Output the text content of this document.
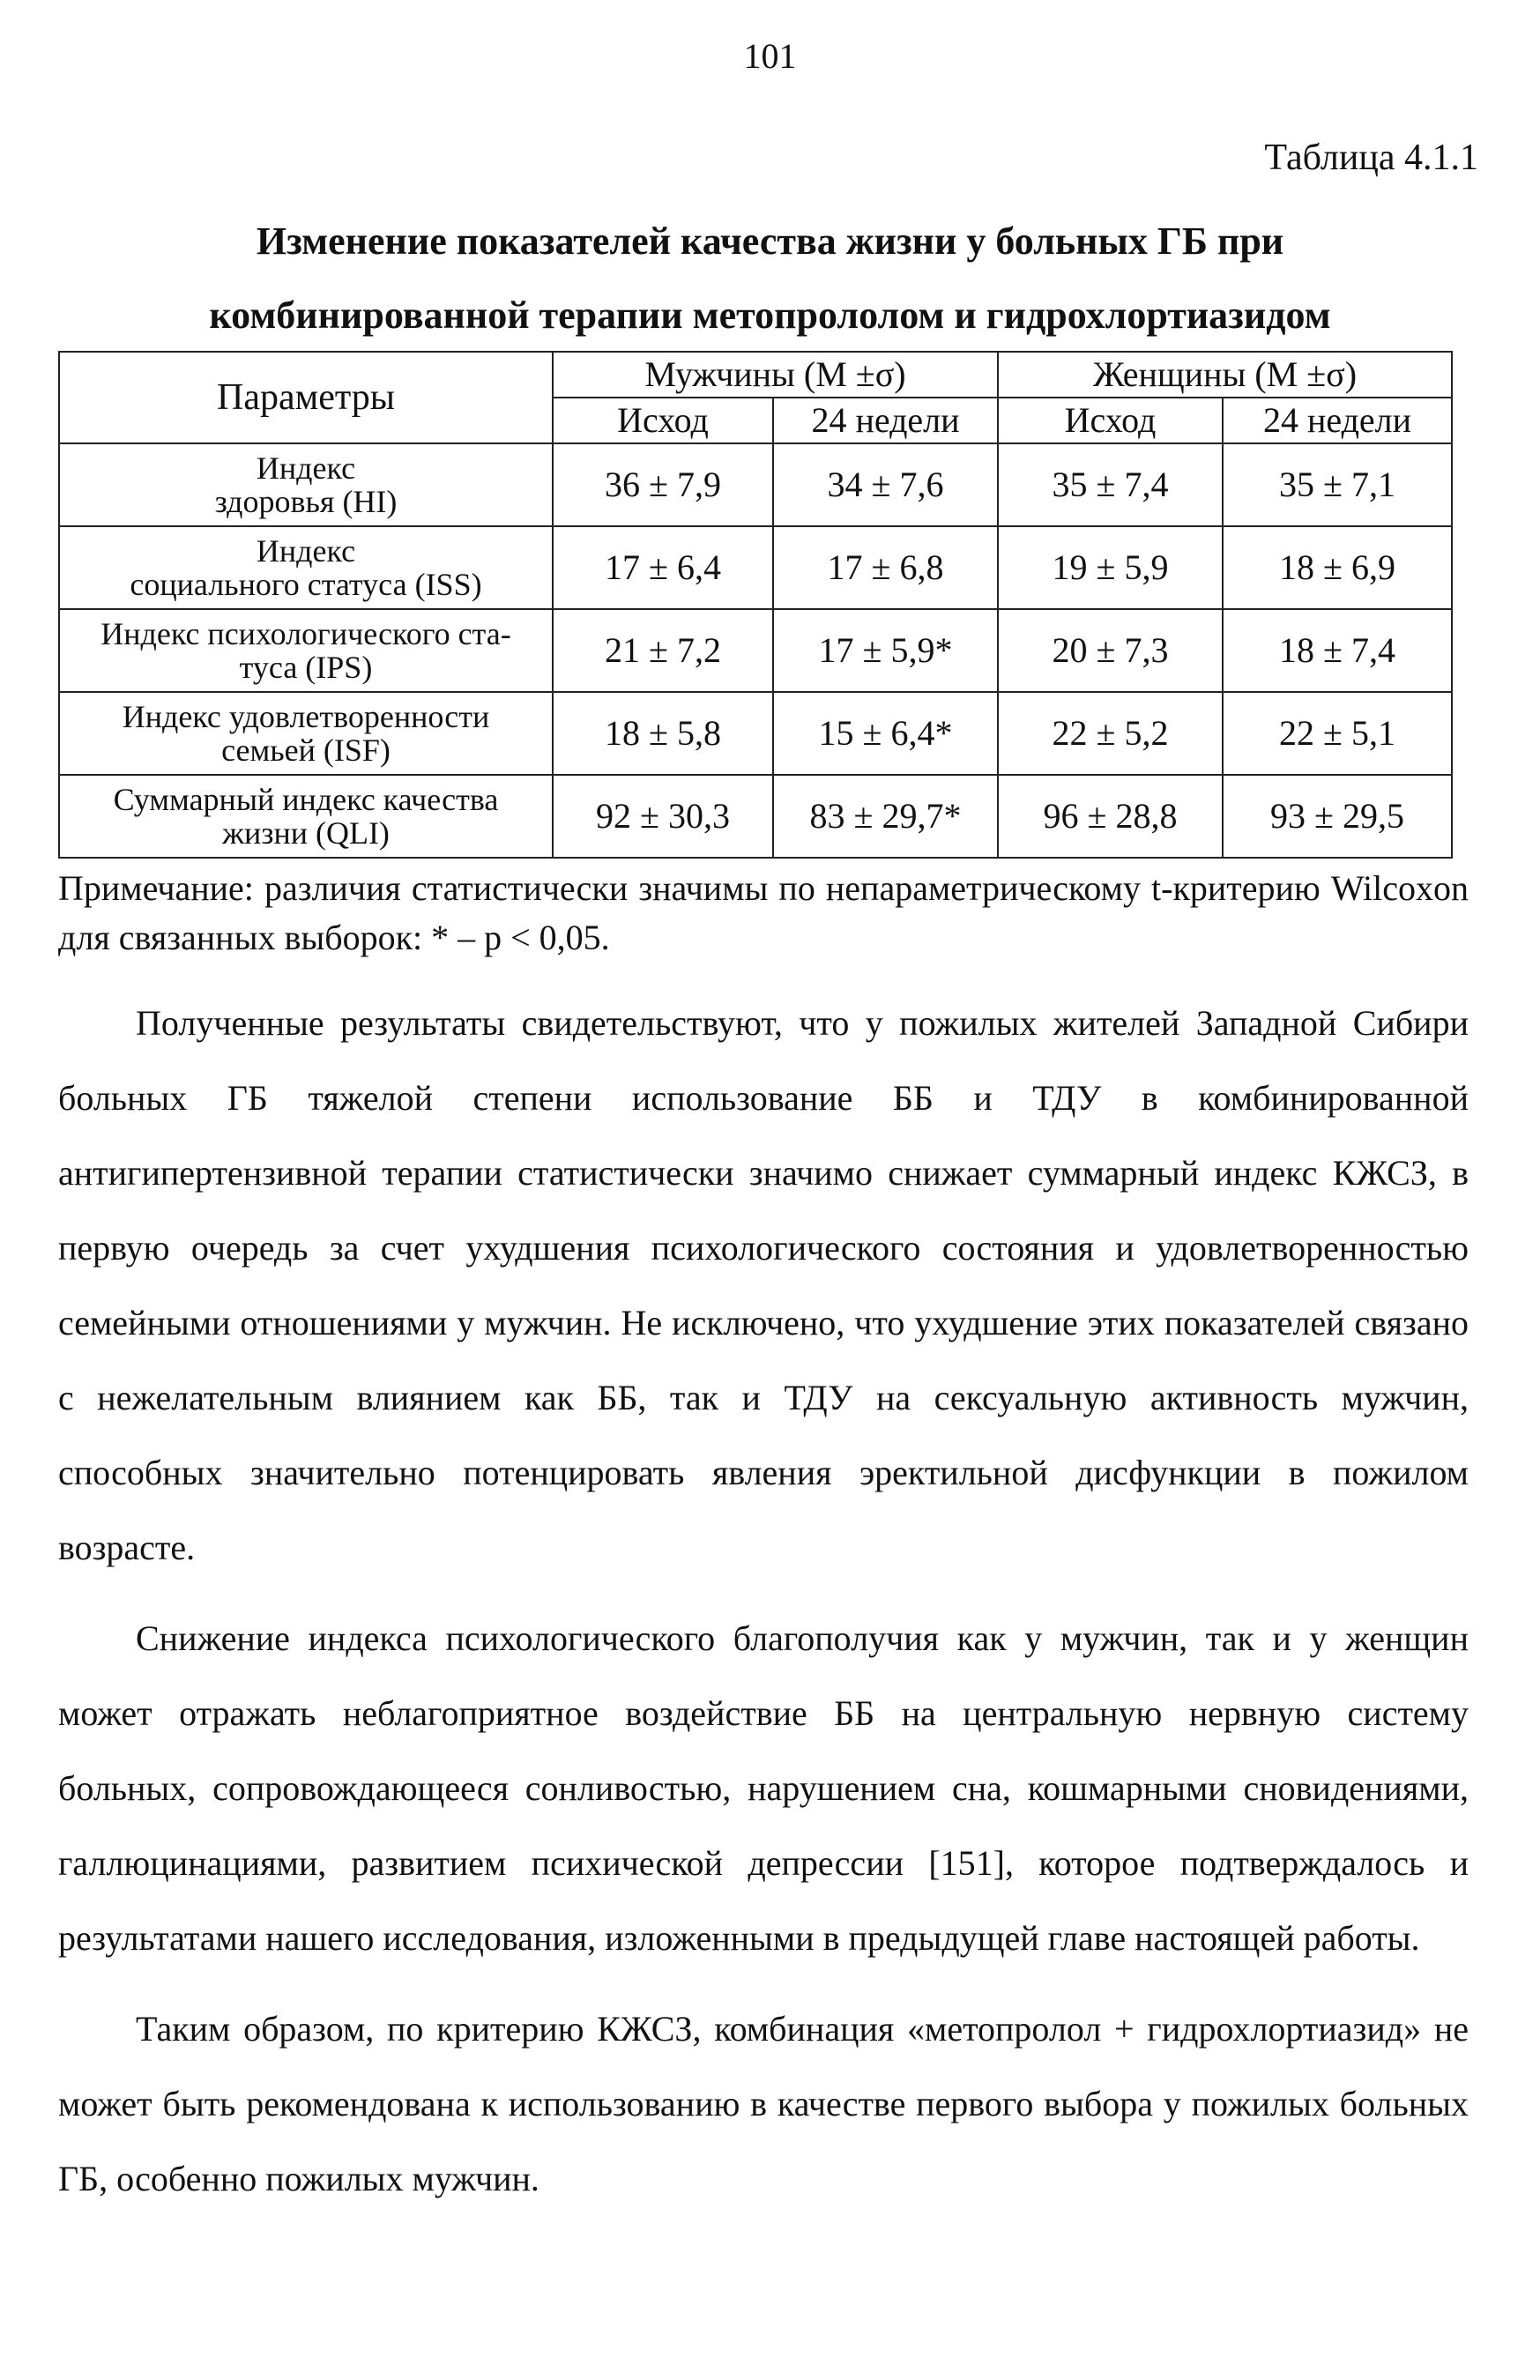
101
Таблица 4.1.1
Изменение показателей качества жизни у больных ГБ при
комбинированной терапии метопрололом и гидрохлортиазидом
Параметры	Мужчины (M ±σ)		Женщины (M ±σ)	
	Исход	24 недели	Исход	24 недели

Индекс
здоровья (HI)	36 ± 7,9	34 ± 7,6	35 ± 7,4	35 ± 7,1

Индекс
социального статуса (ISS)	17 ± 6,4	17 ± 6,8	19 ± 5,9	18 ± 6,9

Индекс психологического ста-
туса (IPS)	21 ± 7,2	17 ± 5,9*	20 ± 7,3	18 ± 7,4

Индекс удовлетворенности
семьей (ISF)	18 ± 5,8	15 ± 6,4*	22 ± 5,2	22 ± 5,1

Суммарный индекс качества
жизни (QLI)	92 ± 30,3	83 ± 29,7*	96 ± 28,8	93 ± 29,5
Примечание: различия статистически значимы по непараметрическому t-критерию Wilcoxon для связанных выборок: * – p < 0,05.

Полученные результаты свидетельствуют, что у пожилых жителей Западной Сибири больных ГБ тяжелой степени использование ББ и ТДУ в комбинированной антигипертензивной терапии статистически значимо снижает суммарный индекс КЖСЗ, в первую очередь за счет ухудшения психологического состояния и удовлетворенностью семейными отношениями у мужчин. Не исключено, что ухудшение этих показателей связано с нежелательным влиянием как ББ, так и ТДУ на сексуальную активность мужчин, способных значительно потенцировать явления эректильной дисфункции в пожилом возрасте.

Снижение индекса психологического благополучия как у мужчин, так и у женщин может отражать неблагоприятное воздействие ББ на центральную нервную систему больных, сопровождающееся сонливостью, нарушением сна, кошмарными сновидениями, галлюцинациями, развитием психической депрессии [151], которое подтверждалось и результатами нашего исследования, изложенными в предыдущей главе настоящей работы.

Таким образом, по критерию КЖСЗ, комбинация «метопролол + гидрохлортиазид» не может быть рекомендована к использованию в качестве первого выбора у пожилых больных ГБ, особенно пожилых мужчин.
